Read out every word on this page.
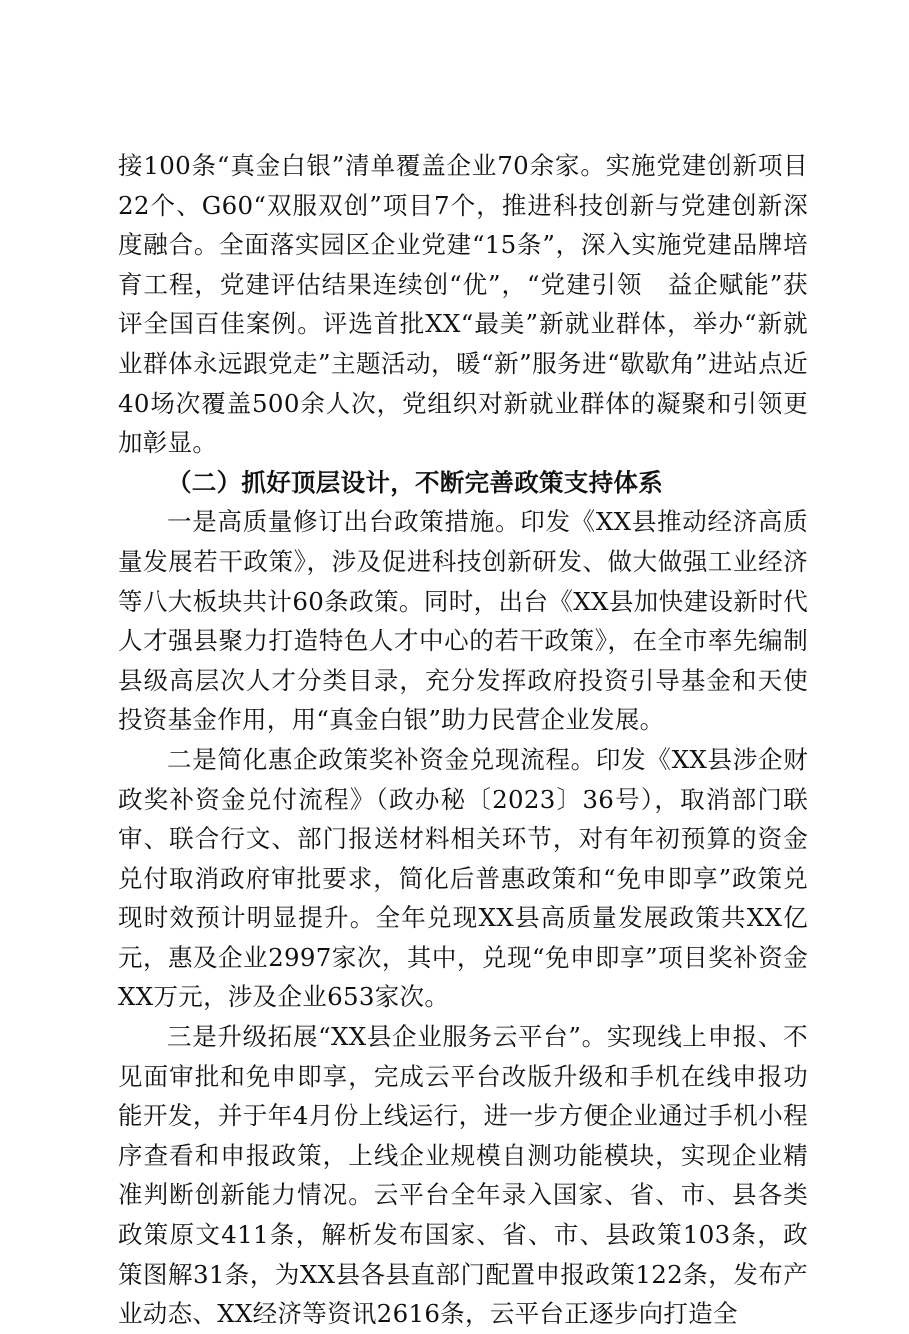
接100条“真金白银”清单覆盖企业70余家。实施党建创新项目22个、G60“双服双创”项目7个，推进科技创新与党建创新深度融合。全面落实园区企业党建“15条”，深入实施党建品牌培育工程，党建评估结果连续创“优”，“党建引领　益企赋能”获评全国百佳案例。评选首批XX“最美”新就业群体，举办“新就业群体永远跟党走”主题活动，暖“新”服务进“歇歇角”进站点近40场次覆盖500余人次，党组织对新就业群体的凝聚和引领更加彰显。

（二）抓好顶层设计，不断完善政策支持体系

一是高质量修订出台政策措施。印发《XX县推动经济高质量发展若干政策》，涉及促进科技创新研发、做大做强工业经济等八大板块共计60条政策。同时，出台《XX县加快建设新时代人才强县聚力打造特色人才中心的若干政策》，在全市率先编制县级高层次人才分类目录，充分发挥政府投资引导基金和天使投资基金作用，用“真金白银”助力民营企业发展。

二是简化惠企政策奖补资金兑现流程。印发《XX县涉企财政奖补资金兑付流程》（政办秘〔2023〕36号），取消部门联审、联合行文、部门报送材料相关环节，对有年初预算的资金兑付取消政府审批要求，简化后普惠政策和“免申即享”政策兑现时效预计明显提升。全年兑现XX县高质量发展政策共XX亿元，惠及企业2997家次，其中，兑现“免申即享”项目奖补资金XX万元，涉及企业653家次。

三是升级拓展“XX县企业服务云平台”。实现线上申报、不见面审批和免申即享，完成云平台改版升级和手机在线申报功能开发，并于年4月份上线运行，进一步方便企业通过手机小程序查看和申报政策，上线企业规模自测功能模块，实现企业精准判断创新能力情况。云平台全年录入国家、省、市、县各类政策原文411条，解析发布国家、省、市、县政策103条，政策图解31条，为XX县各县直部门配置申报政策122条，发布产业动态、XX经济等资讯2616条，云平台正逐步向打造全
